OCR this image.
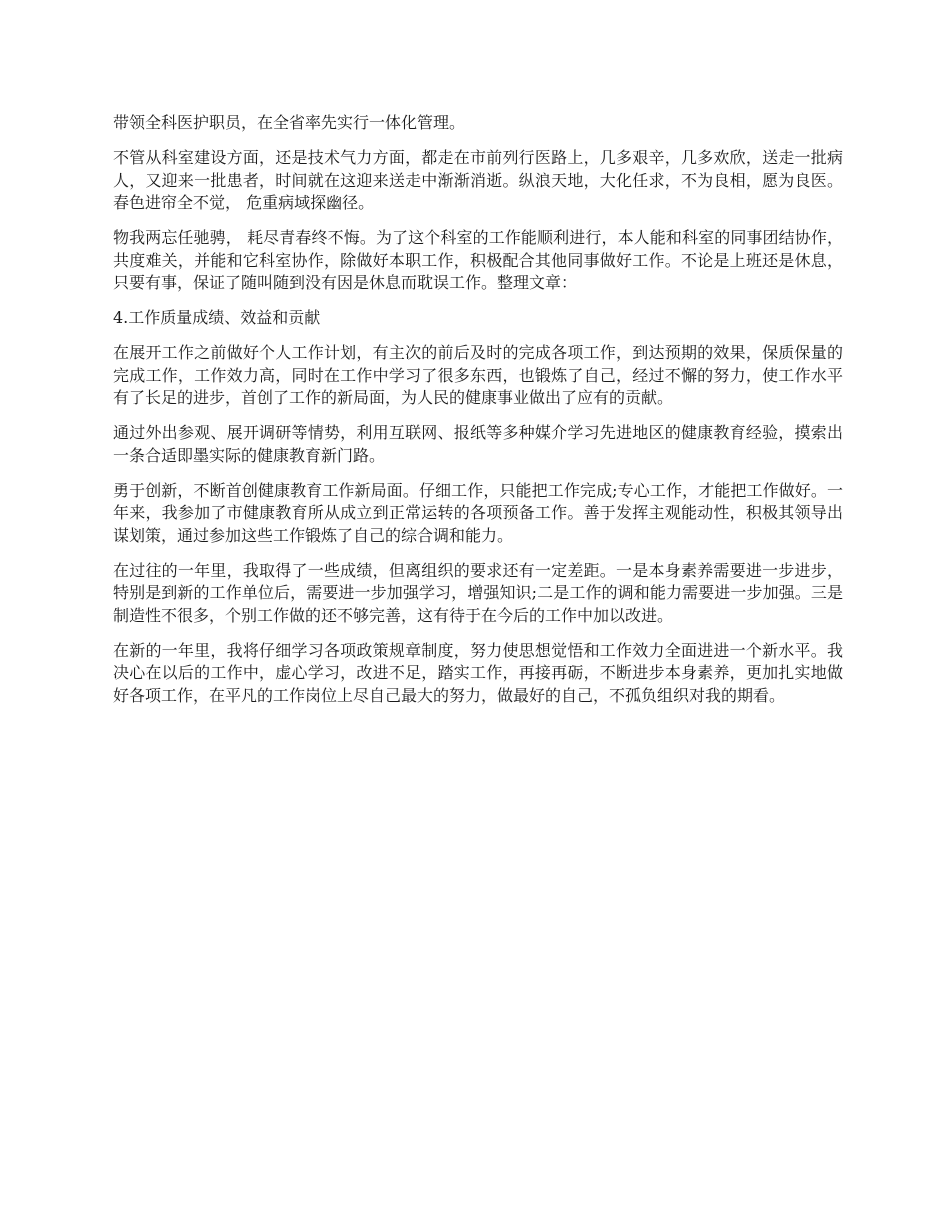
带领全科医护职员，在全省率先实行一体化管理。

不管从科室建设方面，还是技术气力方面，都走在市前列行医路上，几多艰辛，几多欢欣，送走一批病人，又迎来一批患者，时间就在这迎来送走中渐渐消逝。纵浪天地，大化任求，不为良相，愿为良医。春色进帘全不觉， 危重病域探幽径。

物我两忘任驰骋， 耗尽青春终不悔。为了这个科室的工作能顺利进行，本人能和科室的同事团结协作，共度难关，并能和它科室协作，除做好本职工作，积极配合其他同事做好工作。不论是上班还是休息，只要有事，保证了随叫随到没有因是休息而耽误工作。整理文章：

4.工作质量成绩、效益和贡献

在展开工作之前做好个人工作计划，有主次的前后及时的完成各项工作，到达预期的效果，保质保量的完成工作，工作效力高，同时在工作中学习了很多东西，也锻炼了自己，经过不懈的努力，使工作水平有了长足的进步，首创了工作的新局面，为人民的健康事业做出了应有的贡献。

通过外出参观、展开调研等情势，利用互联网、报纸等多种媒介学习先进地区的健康教育经验，摸索出一条合适即墨实际的健康教育新门路。

勇于创新，不断首创健康教育工作新局面。仔细工作，只能把工作完成;专心工作，才能把工作做好。一年来，我参加了市健康教育所从成立到正常运转的各项预备工作。善于发挥主观能动性，积极其领导出谋划策，通过参加这些工作锻炼了自己的综合调和能力。

在过往的一年里，我取得了一些成绩，但离组织的要求还有一定差距。一是本身素养需要进一步进步，特别是到新的工作单位后，需要进一步加强学习，增强知识;二是工作的调和能力需要进一步加强。三是制造性不很多，个别工作做的还不够完善，这有待于在今后的工作中加以改进。

在新的一年里，我将仔细学习各项政策规章制度，努力使思想觉悟和工作效力全面进进一个新水平。我决心在以后的工作中，虚心学习，改进不足，踏实工作，再接再砺，不断进步本身素养，更加扎实地做好各项工作，在平凡的工作岗位上尽自己最大的努力，做最好的自己，不孤负组织对我的期看。
